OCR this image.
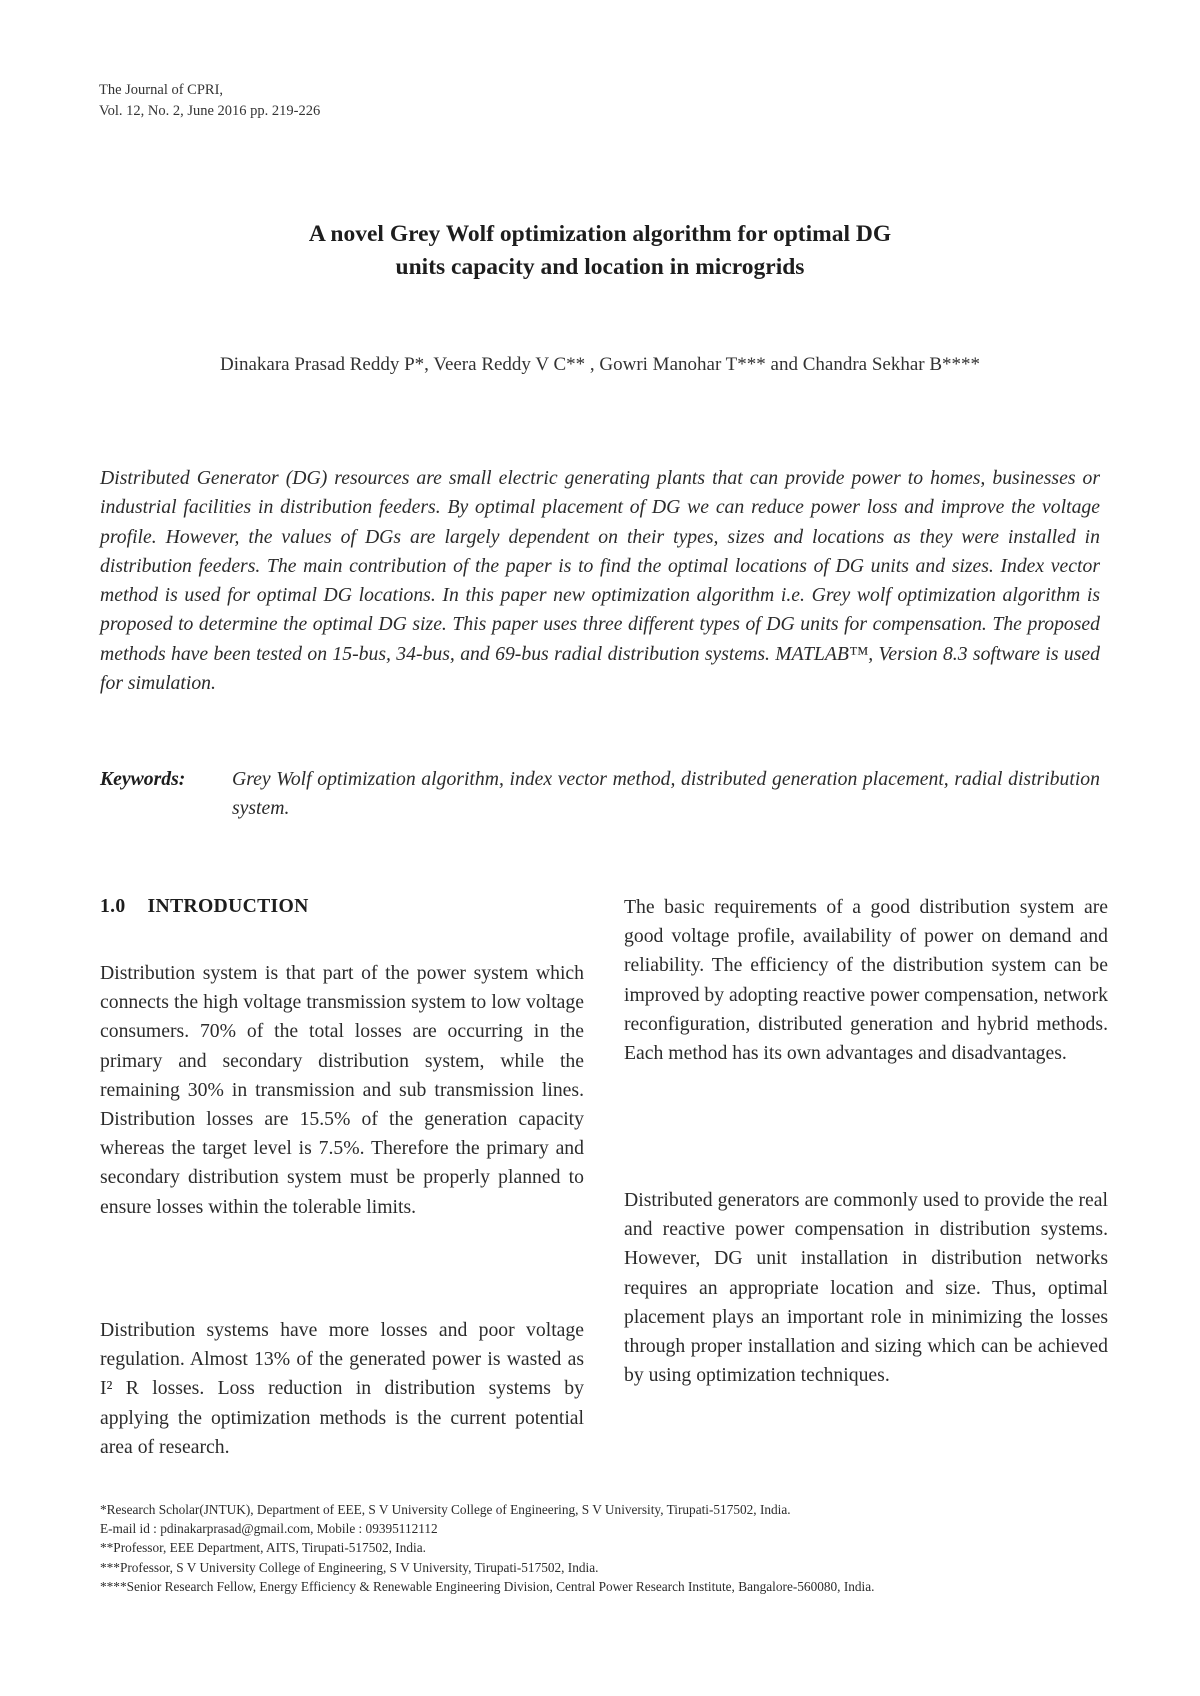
The Journal of CPRI,
Vol. 12, No. 2, June 2016 pp. 219-226
A novel Grey Wolf optimization algorithm for optimal DG
units capacity and location in microgrids
Dinakara Prasad Reddy P*, Veera Reddy V C** , Gowri Manohar T*** and Chandra Sekhar B****
Distributed Generator (DG) resources are small electric generating plants that can provide power to homes, businesses or industrial facilities in distribution feeders. By optimal placement of DG we can reduce power loss and improve the voltage profile. However, the values of DGs are largely dependent on their types, sizes and locations as they were installed in distribution feeders. The main contribution of the paper is to find the optimal locations of DG units and sizes. Index vector method is used for optimal DG locations. In this paper new optimization algorithm i.e. Grey wolf optimization algorithm is proposed to determine the optimal DG size. This paper uses three different types of DG units for compensation. The proposed methods have been tested on 15-bus, 34-bus, and 69-bus radial distribution systems. MATLAB™, Version 8.3 software is used for simulation.
Keywords: Grey Wolf optimization algorithm, index vector method, distributed generation placement, radial distribution system.
1.0 INTRODUCTION

Distribution system is that part of the power system which connects the high voltage transmission system to low voltage consumers. 70% of the total losses are occurring in the primary and secondary distribution system, while the remaining 30% in transmission and sub transmission lines. Distribution losses are 15.5% of the generation capacity whereas the target level is 7.5%. Therefore the primary and secondary distribution system must be properly planned to ensure losses within the tolerable limits.

Distribution systems have more losses and poor voltage regulation. Almost 13% of the generated power is wasted as I² R losses. Loss reduction in distribution systems by applying the optimization methods is the current potential area of research.

The basic requirements of a good distribution system are good voltage profile, availability of power on demand and reliability. The efficiency of the distribution system can be improved by adopting reactive power compensation, network reconfiguration, distributed generation and hybrid methods. Each method has its own advantages and disadvantages.

Distributed generators are commonly used to provide the real and reactive power compensation in distribution systems. However, DG unit installation in distribution networks requires an appropriate location and size. Thus, optimal placement plays an important role in minimizing the losses through proper installation and sizing which can be achieved by using optimization techniques.

*Research Scholar(JNTUK), Department of EEE, S V University College of Engineering, S V University, Tirupati-517502, India.
E-mail id : pdinakarprasad@gmail.com, Mobile : 09395112112
**Professor, EEE Department, AITS, Tirupati-517502, India.
***Professor, S V University College of Engineering, S V University, Tirupati-517502, India.
****Senior Research Fellow, Energy Efficiency & Renewable Engineering Division, Central Power Research Institute, Bangalore-560080, India.
